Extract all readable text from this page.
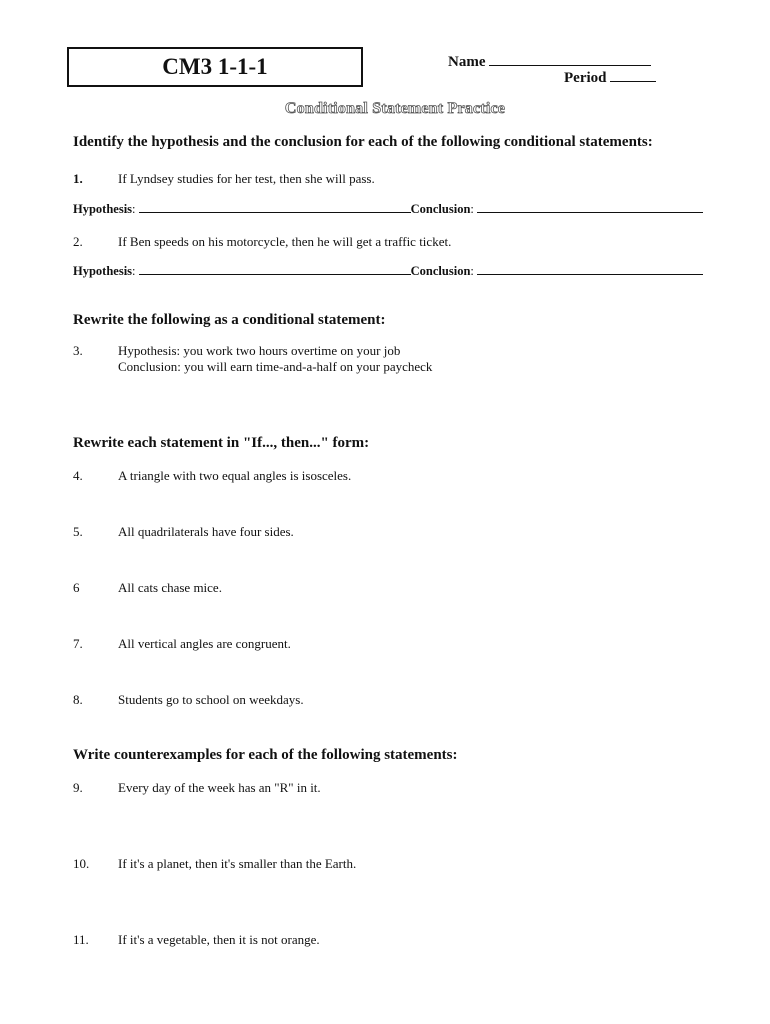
CM3 1-1-1	Name
Period
Conditional Statement Practice
Identify the hypothesis and the conclusion for each of the following conditional statements:
1.	If Lyndsey studies for her test, then she will pass.
Hypothesis:	Conclusion:
2.	If Ben speeds on his motorcycle, then he will get a traffic ticket.
Hypothesis:	Conclusion:
Rewrite the following as a conditional statement:
3.	Hypothesis: you work two hours overtime on your job
Conclusion: you will earn time-and-a-half on your paycheck
Rewrite each statement in "If..., then..." form:
4.	A triangle with two equal angles is isosceles.
5.	All quadrilaterals have four sides.
6	All cats chase mice.
7.	All vertical angles are congruent.
8.	Students go to school on weekdays.
Write counterexamples for each of the following statements:
9.	Every day of the week has an "R" in it.
10. If it's a planet, then it's smaller than the Earth.
11. If it's a vegetable, then it is not orange.
